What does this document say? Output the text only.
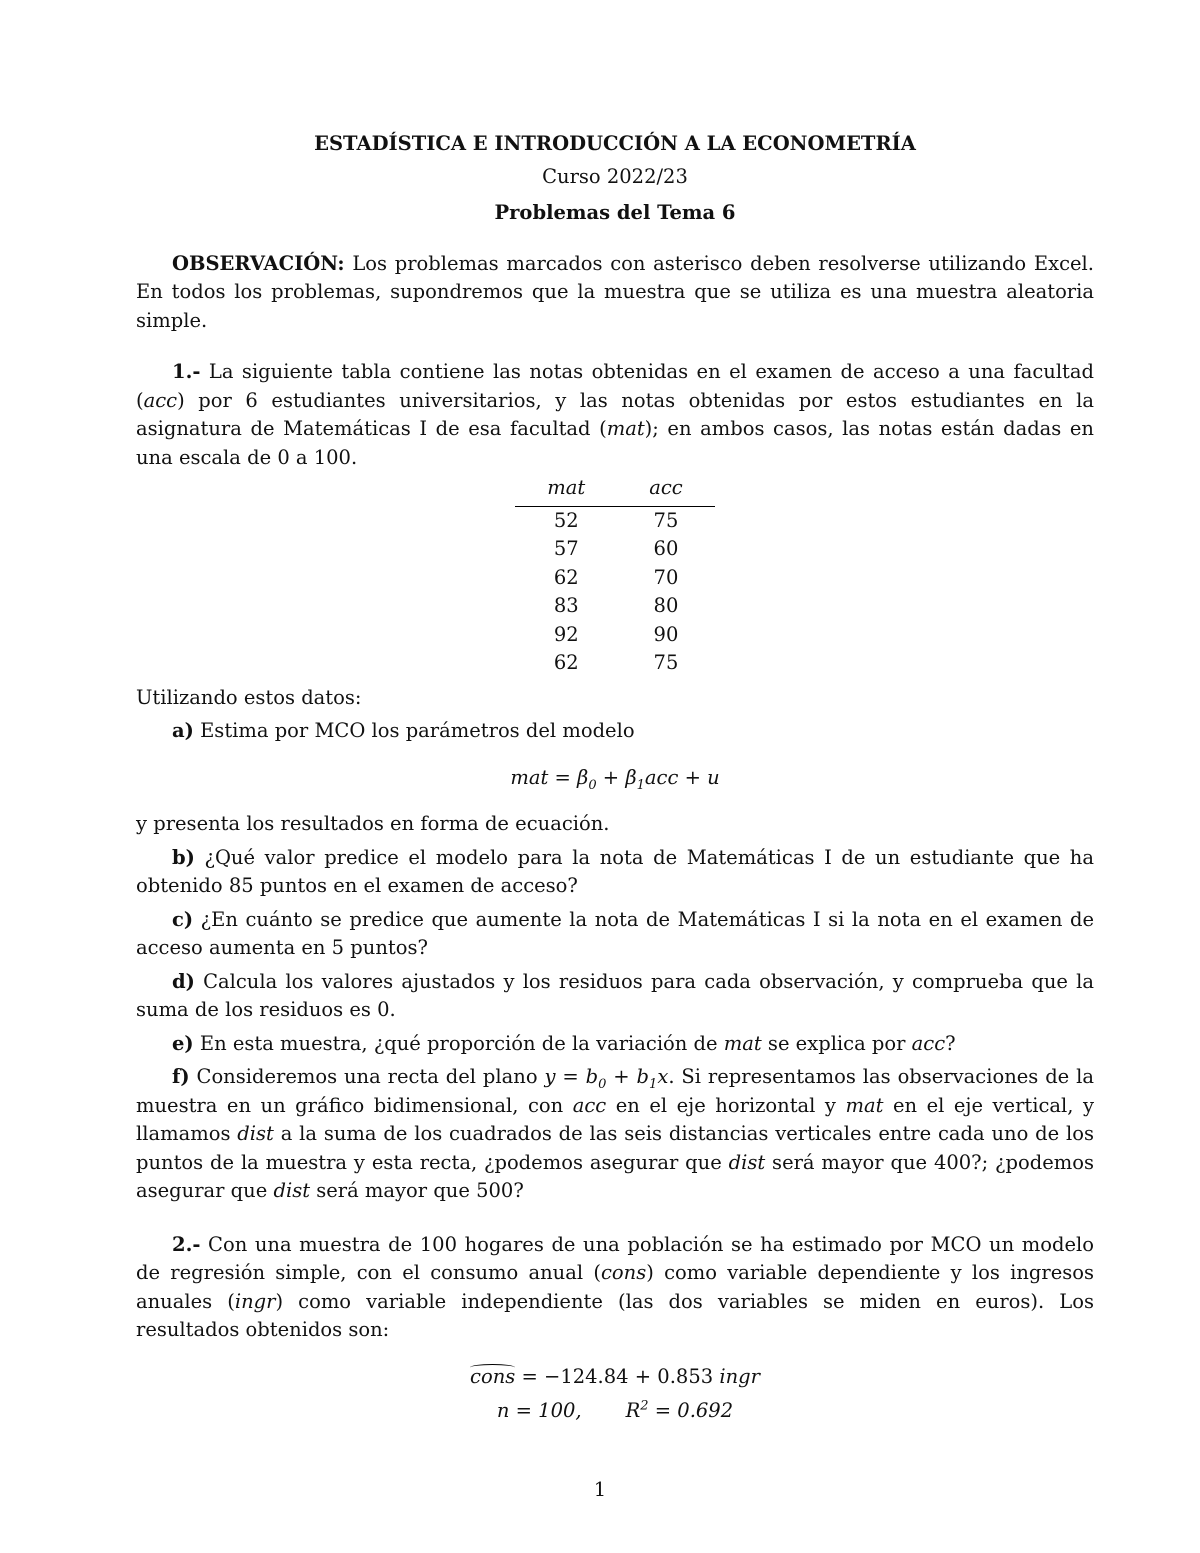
ESTADÍSTICA E INTRODUCCIÓN A LA ECONOMETRÍA

Curso 2022/23

Problemas del Tema 6

OBSERVACIÓN: Los problemas marcados con asterisco deben resolverse utilizando Excel. En todos los problemas, supondremos que la muestra que se utiliza es una muestra aleatoria simple.

1.- La siguiente tabla contiene las notas obtenidas en el examen de acceso a una facultad (acc) por 6 estudiantes universitarios, y las notas obtenidas por estos estudiantes en la asignatura de Matemáticas I de esa facultad (mat); en ambos casos, las notas están dadas en una escala de 0 a 100.

mat	acc
52	75
57	60
62	70
83	80
92	90
62	75

Utilizando estos datos:

a) Estima por MCO los parámetros del modelo

mat = $\beta_0 + \beta_1acc + u$

y presenta los resultados en forma de ecuación.

b) ¿Qué valor predice el modelo para la nota de Matemáticas I de un estudiante que ha obtenido 85 puntos en el examen de acceso?

c) ¿En cuánto se predice que aumente la nota de Matemáticas I si la nota en el examen de acceso aumenta en 5 puntos?

d) Calcula los valores ajustados y los residuos para cada observación, y comprueba que la suma de los residuos es 0.

e) En esta muestra, ¿qué proporción de la variación de mat se explica por acc?

f) Consideremos una recta del plano $y = b_0 + b_1x$. Si representamos las observaciones de la muestra en un gráfico bidimensional, con acc en el eje horizontal y mat en el eje vertical, y llamamos dist a la suma de los cuadrados de las seis distancias verticales entre cada uno de los puntos de la muestra y esta recta, ¿podemos asegurar que dist será mayor que 400?; ¿podemos asegurar que dist será mayor que 500?

2.- Con una muestra de 100 hogares de una población se ha estimado por MCO un modelo de regresión simple, con el consumo anual (cons) como variable dependiente y los ingresos anuales (ingr) como variable independiente (las dos variables se miden en euros). Los resultados obtenidos son:

cons = −124.84 + 0.853 ingr
n = 100, $R^2 = 0.692$
1
